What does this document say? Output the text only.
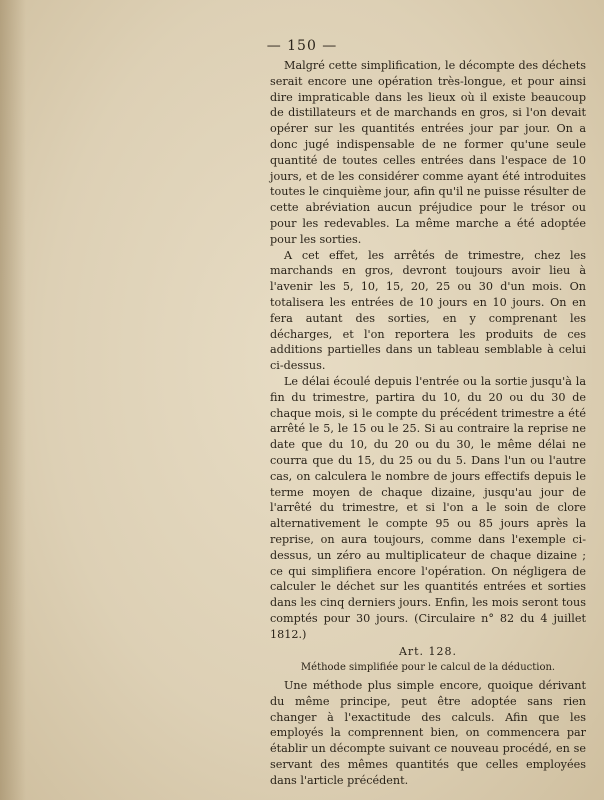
— 150 —

Malgré cette simplification, le décompte des déchets serait encore une opération très-longue, et pour ainsi dire impraticable dans les lieux où il existe beaucoup de distillateurs et de marchands en gros, si l'on devait opérer sur les quantités entrées jour par jour. On a donc jugé indispensable de ne former qu'une seule quantité de toutes celles entrées dans l'espace de 10 jours, et de les considérer comme ayant été introduites toutes le cinquième jour, afin qu'il ne puisse résulter de cette abréviation aucun préjudice pour le trésor ou pour les redevables. La même marche a été adoptée pour les sorties.

A cet effet, les arrêtés de trimestre, chez les marchands en gros, devront toujours avoir lieu à l'avenir les 5, 10, 15, 20, 25 ou 30 d'un mois. On totalisera les entrées de 10 jours en 10 jours. On en fera autant des sorties, en y comprenant les décharges, et l'on reportera les produits de ces additions partielles dans un tableau semblable à celui ci-dessus.

Le délai écoulé depuis l'entrée ou la sortie jusqu'à la fin du trimestre, partira du 10, du 20 ou du 30 de chaque mois, si le compte du précédent trimestre a été arrêté le 5, le 15 ou le 25. Si au contraire la reprise ne date que du 10, du 20 ou du 30, le même délai ne courra que du 15, du 25 ou du 5. Dans l'un ou l'autre cas, on calculera le nombre de jours effectifs depuis le terme moyen de chaque dizaine, jusqu'au jour de l'arrêté du trimestre, et si l'on a le soin de clore alternativement le compte 95 ou 85 jours après la reprise, on aura toujours, comme dans l'exemple ci-dessus, un zéro au multiplicateur de chaque dizaine ; ce qui simplifiera encore l'opération. On négligera de calculer le déchet sur les quantités entrées et sorties dans les cinq derniers jours. Enfin, les mois seront tous comptés pour 30 jours. (Circulaire n° 82 du 4 juillet 1812.)

Art. 128.
Méthode simplifiée pour le calcul de la déduction.

Une méthode plus simple encore, quoique dérivant du même principe, peut être adoptée sans rien changer à l'exactitude des calculs. Afin que les employés la comprennent bien, on commencera par établir un décompte suivant ce nouveau procédé, en se servant des mêmes quantités que celles employées dans l'article précédent.
